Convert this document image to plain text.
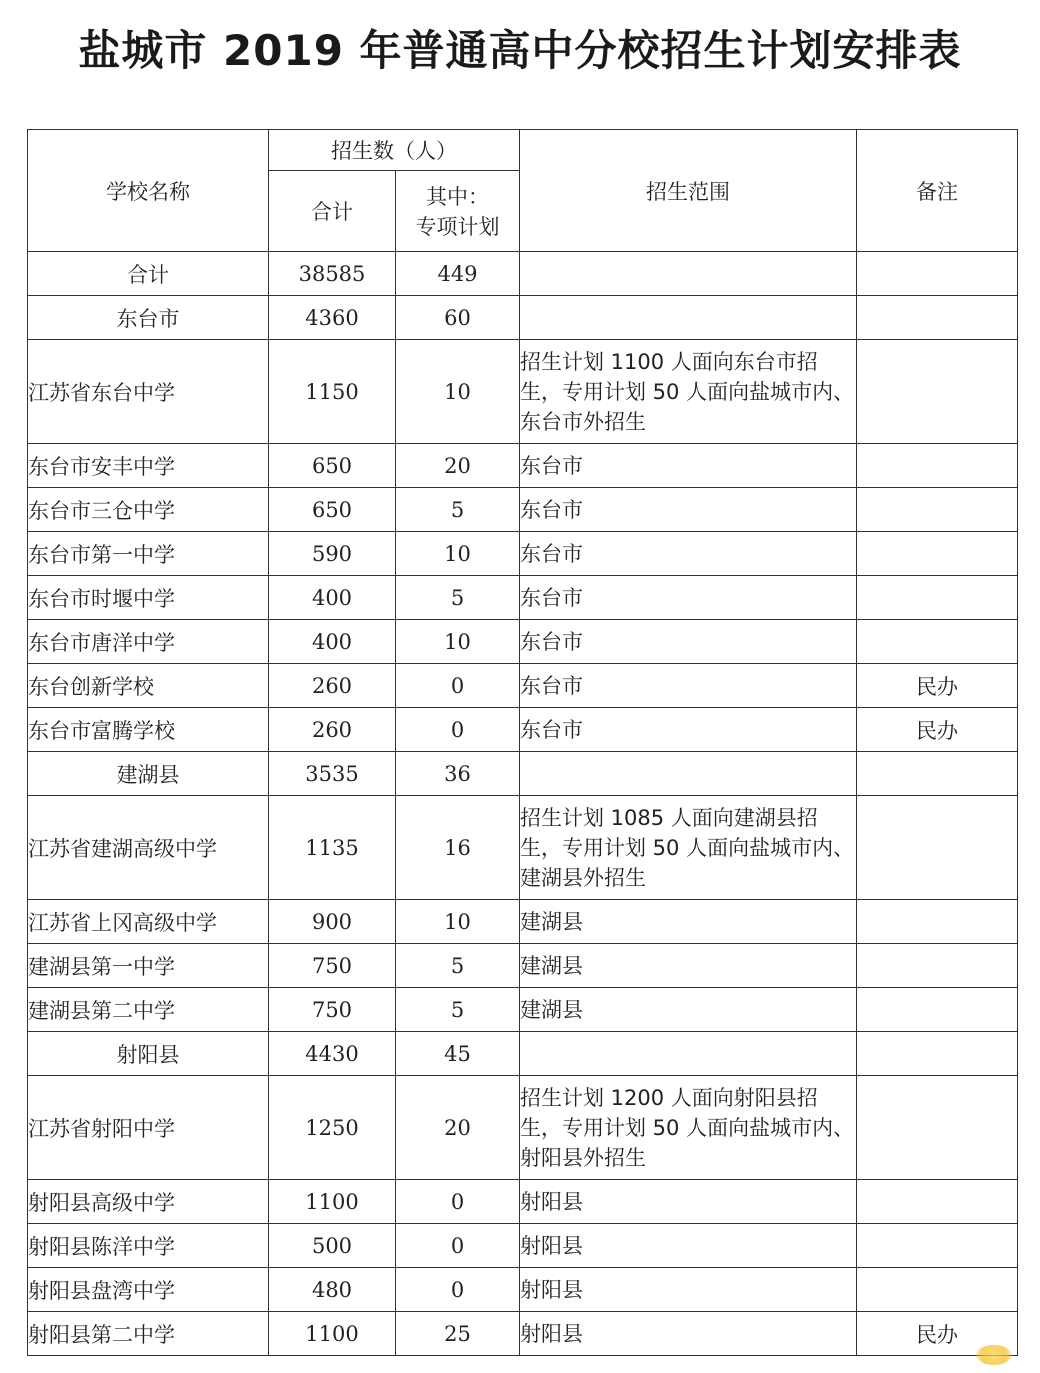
盐城市 2019 年普通高中分校招生计划安排表
学校名称	招生数（人）		招生范围	备注
	合计	其中：
专项计划		

合计	38585	449		
东台市	4360	60		
江苏省东台中学	1150	10	招生计划 1100 人面向东台市招生，专用计划 50 人面向盐城市内、东台市外招生	
东台市安丰中学	650	20	东台市	
东台市三仓中学	650	5	东台市	
东台市第一中学	590	10	东台市	
东台市时堰中学	400	5	东台市	
东台市唐洋中学	400	10	东台市	
东台创新学校	260	0	东台市	民办
东台市富腾学校	260	0	东台市	民办
建湖县	3535	36		
江苏省建湖高级中学	1135	16	招生计划 1085 人面向建湖县招生，专用计划 50 人面向盐城市内、建湖县外招生	
江苏省上冈高级中学	900	10	建湖县	
建湖县第一中学	750	5	建湖县	
建湖县第二中学	750	5	建湖县	
射阳县	4430	45		
江苏省射阳中学	1250	20	招生计划 1200 人面向射阳县招生，专用计划 50 人面向盐城市内、射阳县外招生	
射阳县高级中学	1100	0	射阳县	
射阳县陈洋中学	500	0	射阳县	
射阳县盘湾中学	480	0	射阳县	
射阳县第二中学	1100	25	射阳县	民办
